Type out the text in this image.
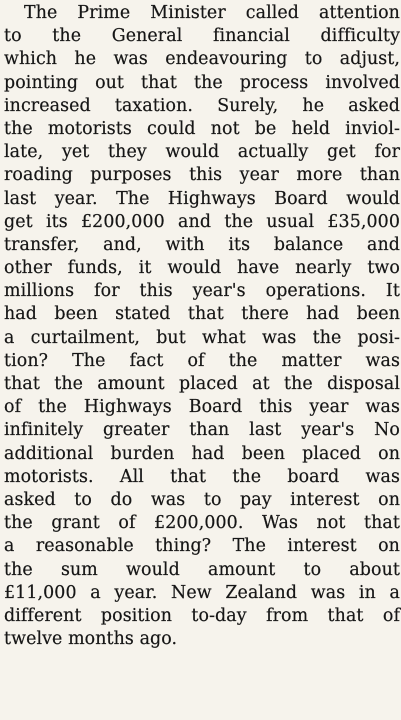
The Prime Minister called attention
to the General financial difficulty
which he was endeavouring to adjust,
pointing out that the process involved
increased taxation. Surely, he asked
the motorists could not be held inviol-
late, yet they would actually get for
roading purposes this year more than
last year. The Highways Board would
get its £200,000 and the usual £35,000
transfer, and, with its balance and
other funds, it would have nearly two
millions for this year's operations. It
had been stated that there had been
a curtailment, but what was the posi-
tion? The fact of the matter was
that the amount placed at the disposal
of the Highways Board this year was
infinitely greater than last year's No
additional burden had been placed on
motorists. All that the board was
asked to do was to pay interest on
the grant of £200,000. Was not that
a reasonable thing? The interest on
the sum would amount to about
£11,000 a year. New Zealand was in a
different position to-day from that of
twelve months ago.
